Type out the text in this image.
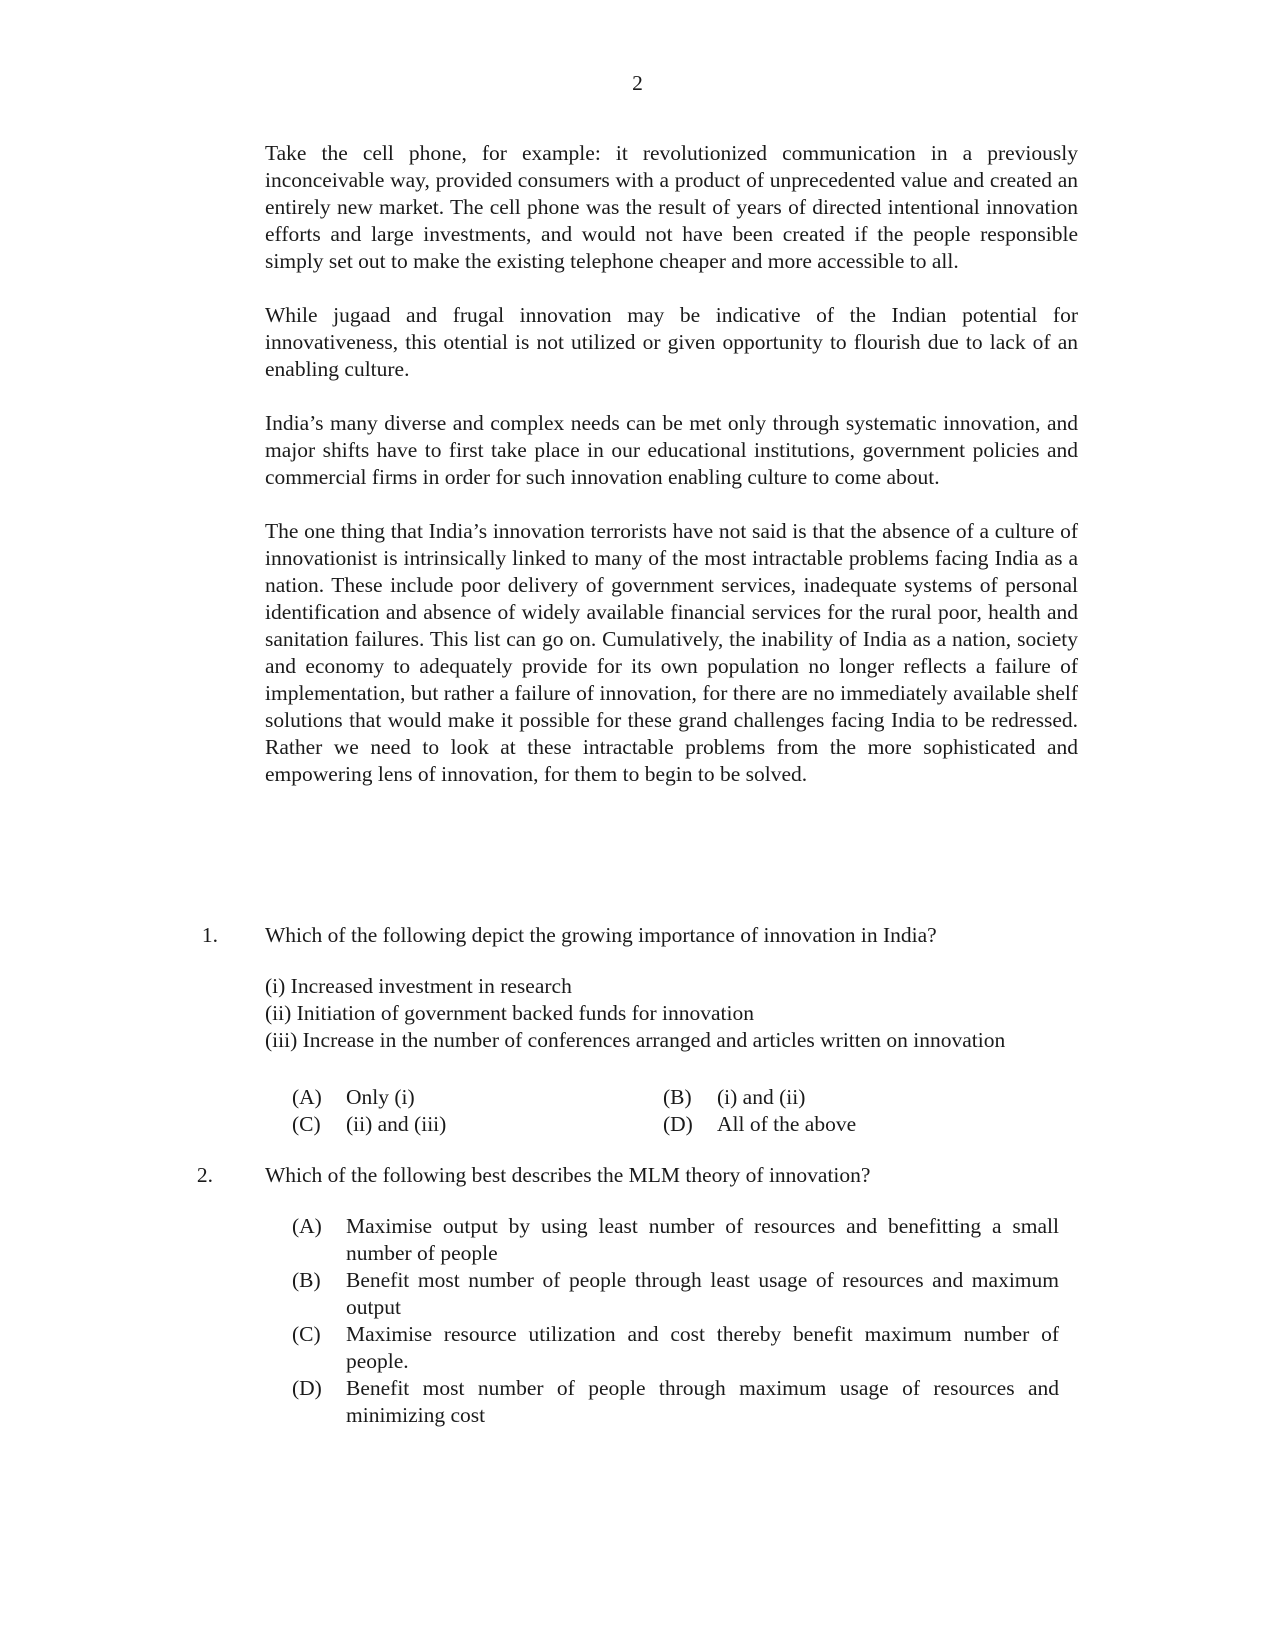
2

Take the cell phone, for example: it revolutionized communication in a previously inconceivable way, provided consumers with a product of unprecedented value and created an entirely new market. The cell phone was the result of years of directed intentional innovation efforts and large investments, and would not have been created if the people responsible simply set out to make the existing telephone cheaper and more accessible to all.

While jugaad and frugal innovation may be indicative of the Indian potential for innovativeness, this otential is not utilized or given opportunity to flourish due to lack of an enabling culture.

India’s many diverse and complex needs can be met only through systematic innovation, and major shifts have to first take place in our educational institutions, government policies and commercial firms in order for such innovation enabling culture to come about.

The one thing that India’s innovation terrorists have not said is that the absence of a culture of innovationist is intrinsically linked to many of the most intractable problems facing India as a nation. These include poor delivery of government services, inadequate systems of personal identification and absence of widely available financial services for the rural poor, health and sanitation failures. This list can go on. Cumulatively, the inability of India as a nation, society and economy to adequately provide for its own population no longer reflects a failure of implementation, but rather a failure of innovation, for there are no immediately available shelf solutions that would make it possible for these grand challenges facing India to be redressed. Rather we need to look at these intractable problems from the more sophisticated and empowering lens of innovation, for them to begin to be solved.

1. Which of the following depict the growing importance of innovation in India?
(i) Increased investment in research
(ii) Initiation of government backed funds for innovation
(iii) Increase in the number of conferences arranged and articles written on innovation
(A) Only (i)	(B) (i) and (ii)
(C) (ii) and (iii)	(D) All of the above
2. Which of the following best describes the MLM theory of innovation?
(A)	Maximise output by using least number of resources and benefitting a small number of people
(B)	Benefit most number of people through least usage of resources and maximum output
(C)	Maximise resource utilization and cost thereby benefit maximum number of people.
(D)	Benefit most number of people through maximum usage of resources and minimizing cost
